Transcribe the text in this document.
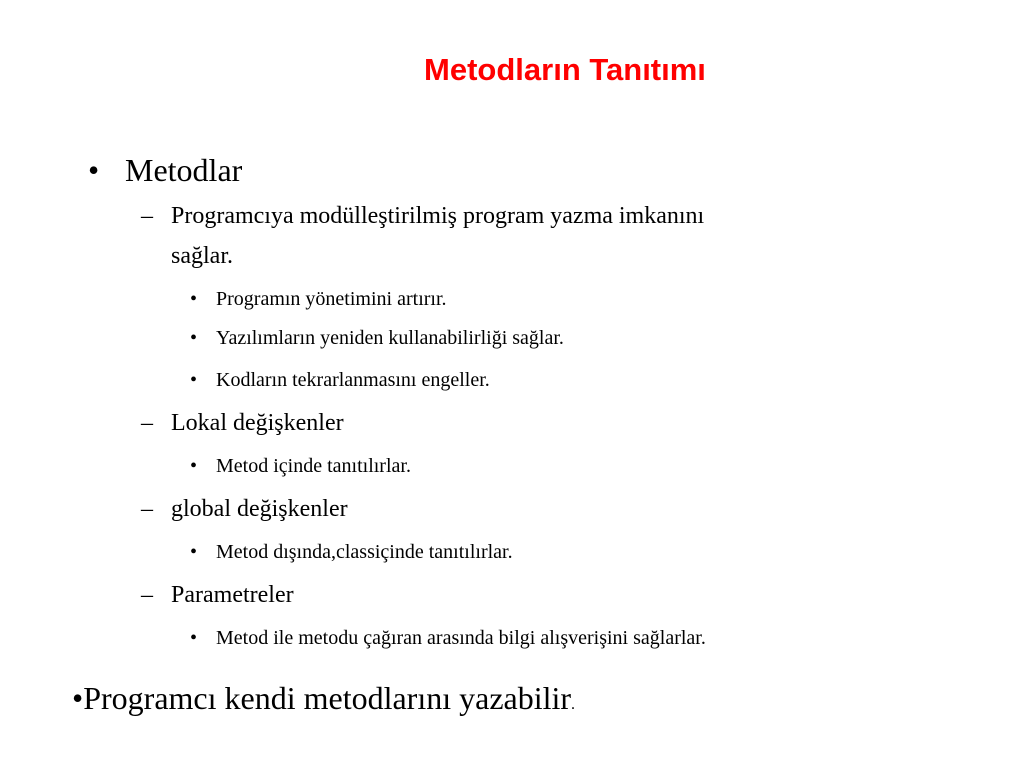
Metodların Tanıtımı
• Metodlar
– Programcıya modülleştirilmiş program yazma imkanını
sağlar.
• Programın yönetimini artırır.
• Yazılımların yeniden kullanabilirliği sağlar.
• Kodların tekrarlanmasını engeller.
– Lokal değişkenler
• Metod içinde tanıtılırlar.
– global değişkenler
• Metod dışında,classiçinde tanıtılırlar.
– Parametreler
• Metod ile metodu çağıran arasında bilgi alışverişini sağlarlar.
•Programcı kendi metodlarını yazabilir.
